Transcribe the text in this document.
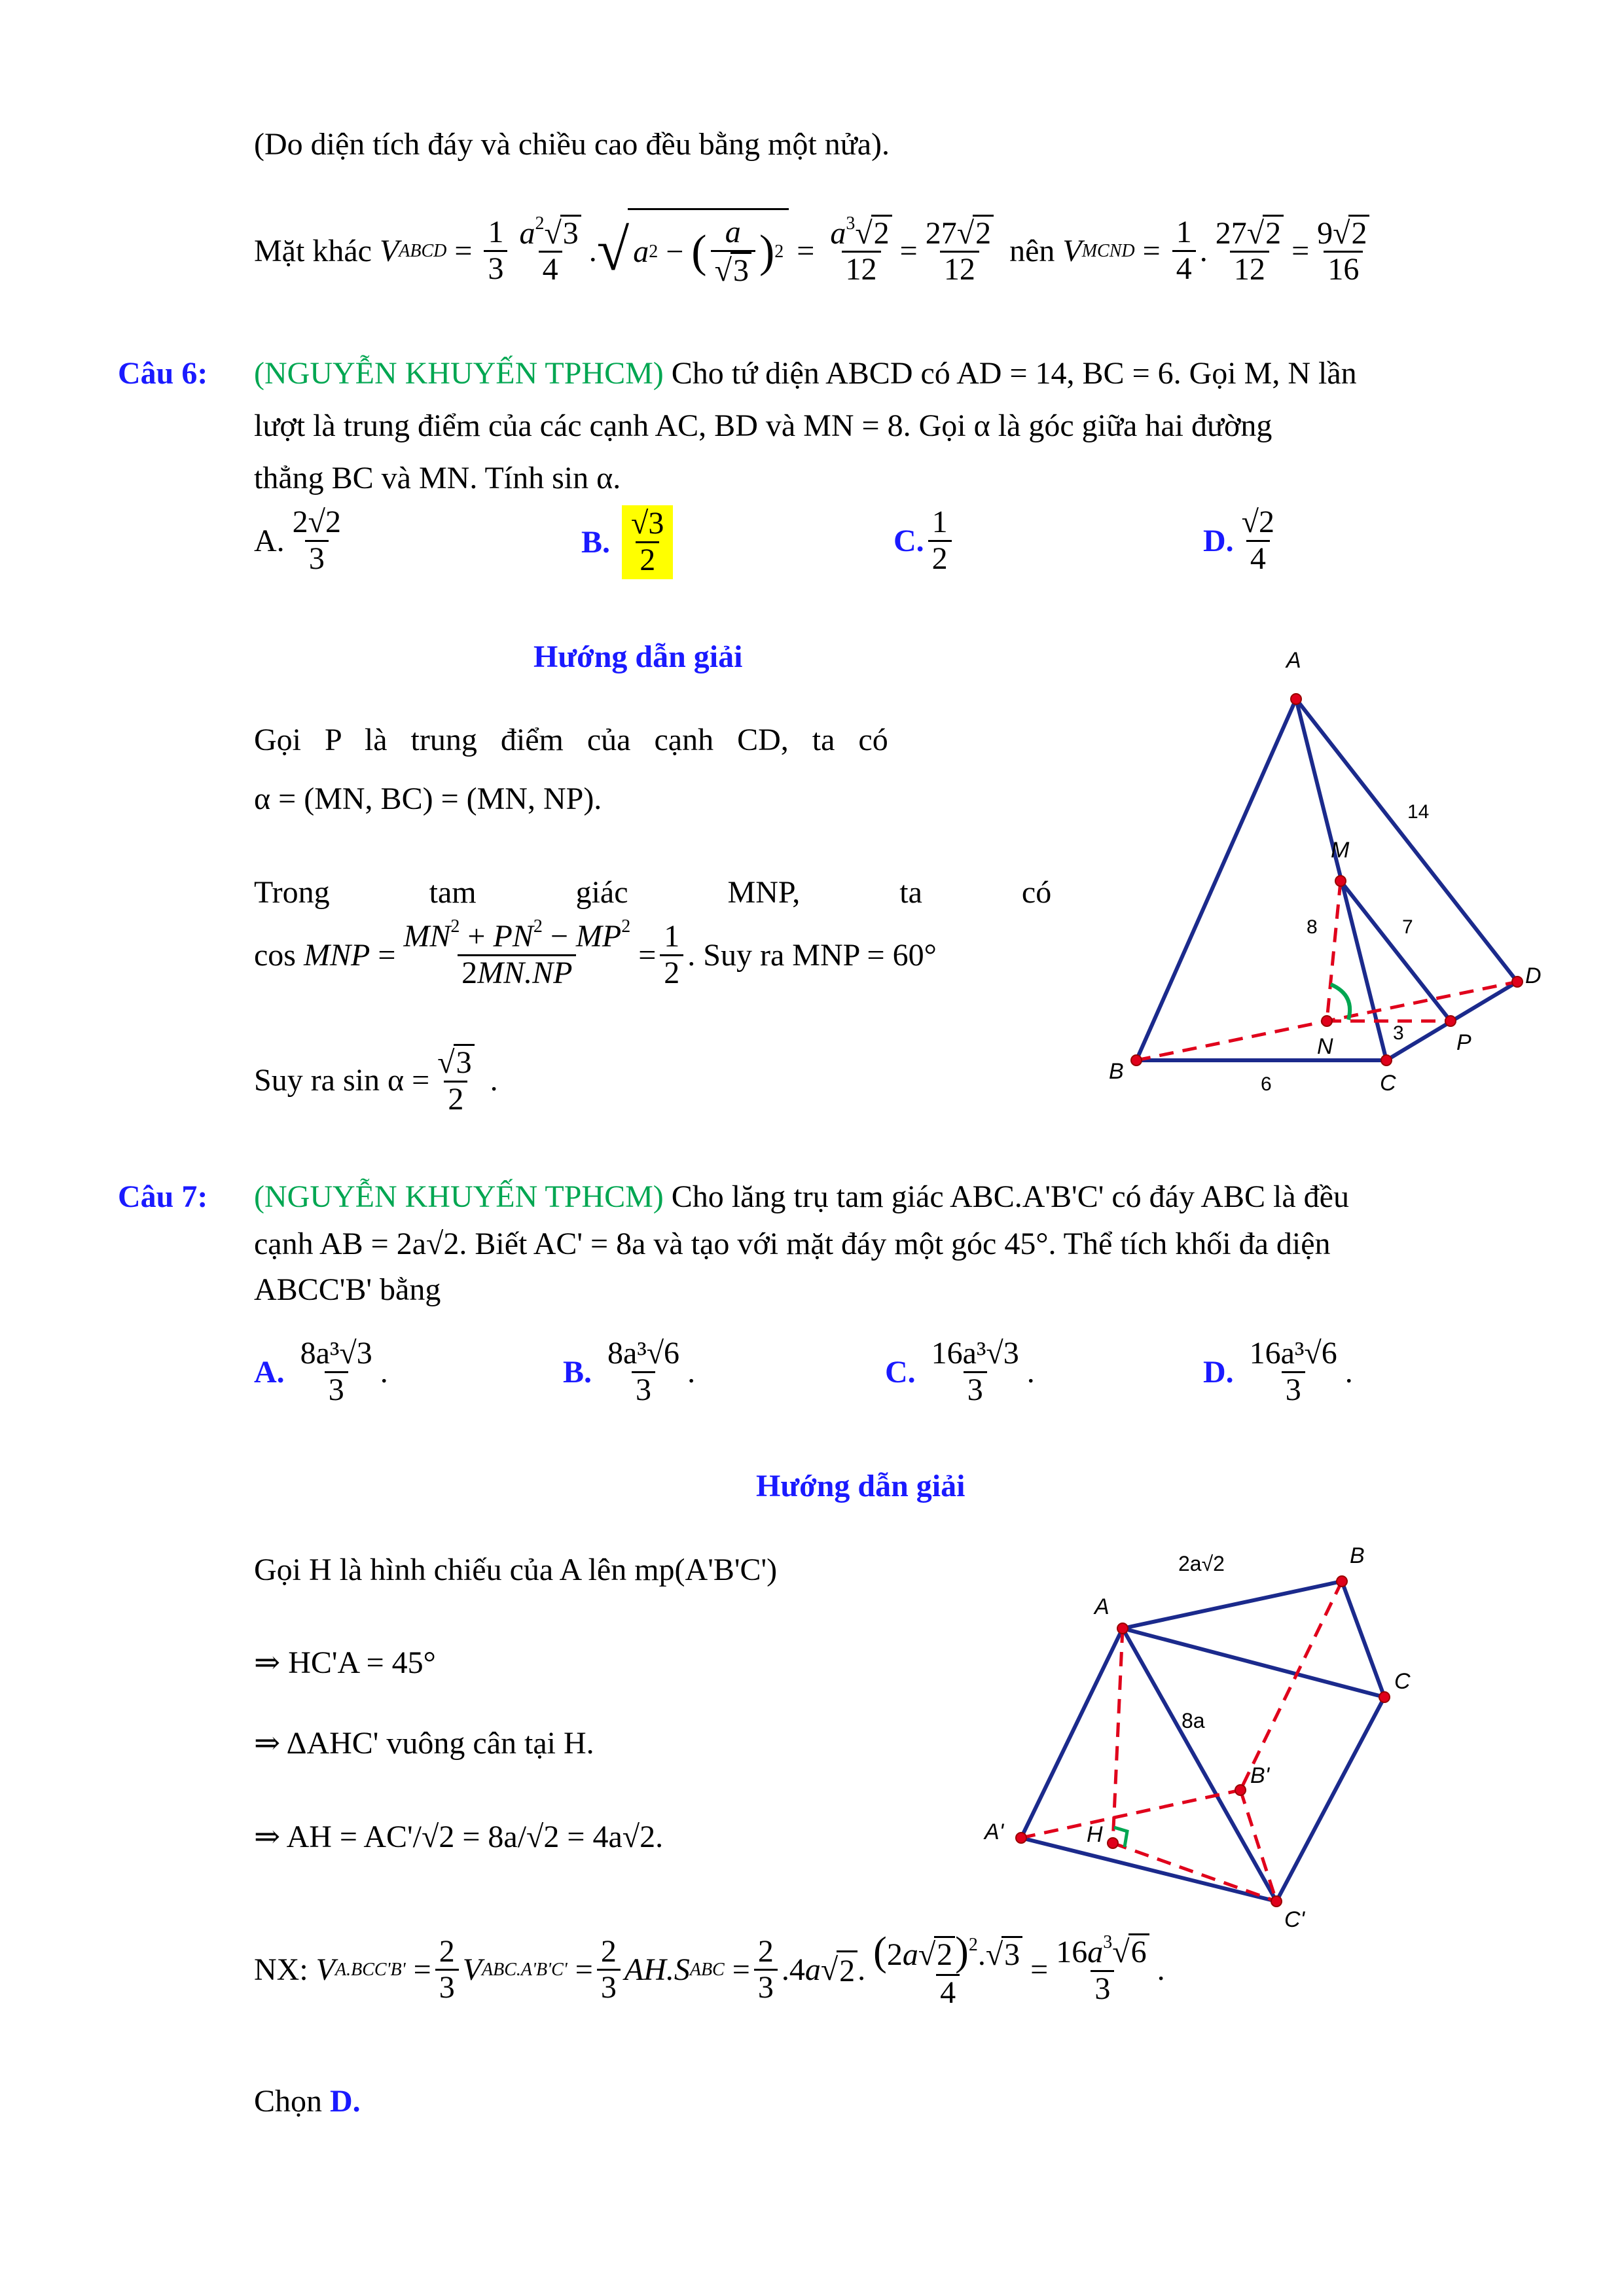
(Do diện tích đáy và chiều cao đều bằng một nửa).
Mặt khác
V ABCD = $\frac{1}{3} \frac{a^2√3}{4}$ . √ a 2 − ( $\frac{a}{√3}$ ) $2 = \frac{a^3√2}{12} = \frac{27√2}{12}$
nên
V MCND = $\frac{1}{4}$ . $\frac{27√2}{12} = \frac{9√2}{16}$
Câu 6: (NGUYỄN KHUYẾN TPHCM) Cho tứ diện ABCD có AD = 14, BC = 6. Gọi M, N lần
lượt là trung điểm của các cạnh AC, BD và MN = 8. Gọi α là góc giữa hai đường
thẳng BC và MN. Tính sin α.
A. $\frac{2√2}{3}$	B.
$\frac{√3}{2}$	C. $\frac{1}{2}$	D. $\frac{√2}{4}$
Hướng dẫn giải
Gọi P là trung điểm của cạnh CD, ta có
α = (MN, BC) = (MN, NP).
Trong tam giác MNP, ta có
cos MNP = $\frac{MN^2 + PN^2 - MP^2}{2MN.NP} = \frac{1}{2}$ . Suy ra MNP = 60°
Suy ra $\sin \alpha = \frac{√3}{2}$ .
A
B	C
D
M
N	P
14
8	7
3
6
Câu 7: (NGUYỄN KHUYẾN TPHCM) Cho lăng trụ tam giác ABC.A'B'C' có đáy ABC là đều
cạnh AB = 2a√2. Biết AC' = 8a và tạo với mặt đáy một góc 45°. Thể tích khối đa diện
ABCC'B' bằng
A.
$\frac{\text{8a³√3}}{3}$ .	B.
$\frac{\text{8a³√6}}{3}$ .	C.
$\frac{\text{16a³√3}}{3}$ .	D.
$\frac{\text{16a³√6}}{3}$ .
Hướng dẫn giải
Gọi H là hình chiếu của A lên mp(A'B'C')
⇒ HC'A = 45°
⇒ ΔAHC' vuông cân tại H.
⇒ AH = AC'/√2 = 8a/√2 = 4a√2.
NX:
V $A.BCC'B' = \frac{2}{3}$ V $ABC.A'B'C' = \frac{2}{3} AH.S$ ABC = $\frac{2}{3} .4$ a √ 2 . $\frac{(2a√2)^2.√3}{4} = \frac{16a^3√6}{3}$ .
Chọn D.
A
B
C
A'
B'
C'
H
2a√2
8a
